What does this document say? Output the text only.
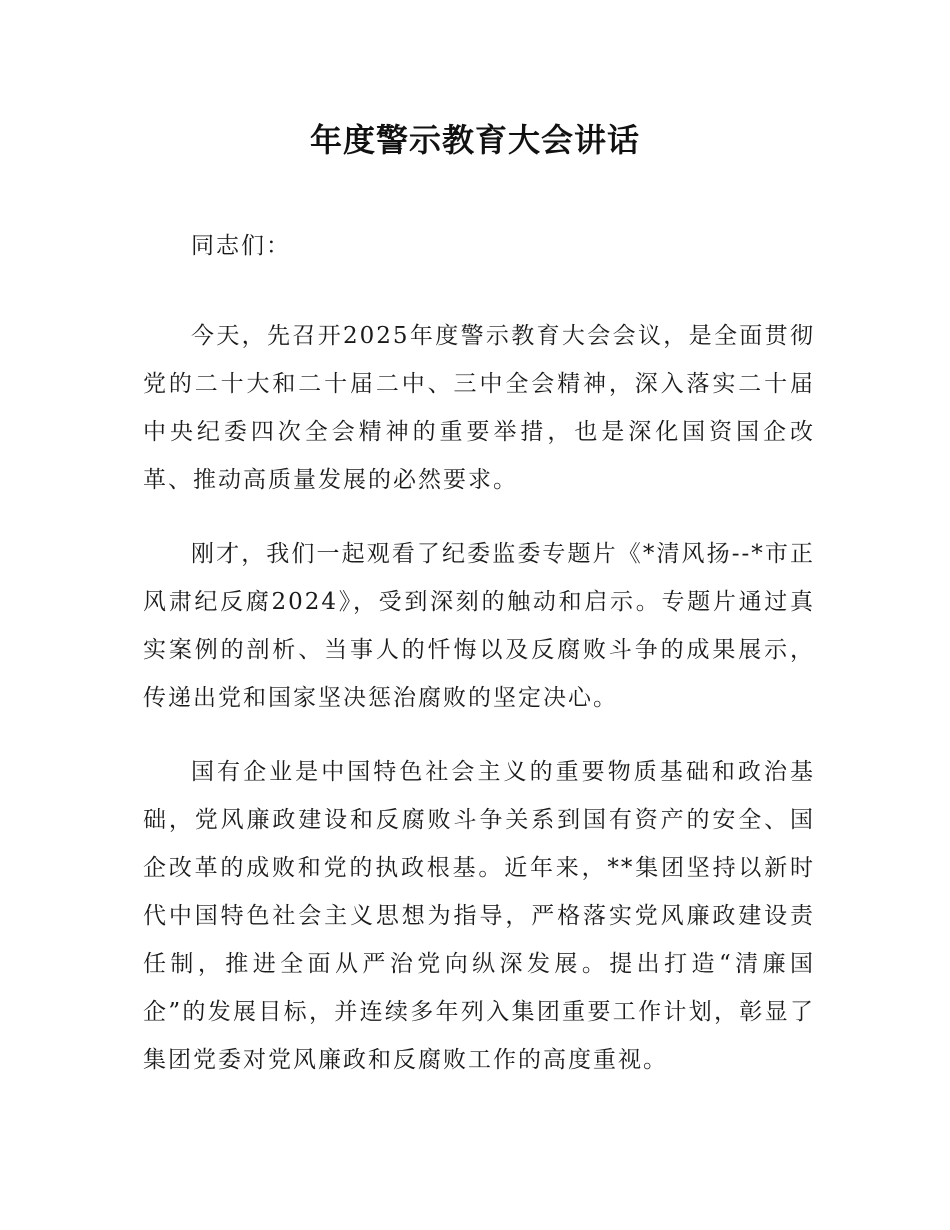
年度警示教育大会讲话
同志们：

今天，先召开2025年度警示教育大会会议，是全面贯彻党的二十大和二十届二中、三中全会精神，深入落实二十届中央纪委四次全会精神的重要举措，也是深化国资国企改革、推动高质量发展的必然要求。

刚才，我们一起观看了纪委监委专题片《*清风扬--*市正风肃纪反腐2024》，受到深刻的触动和启示。专题片通过真实案例的剖析、当事人的忏悔以及反腐败斗争的成果展示，传递出党和国家坚决惩治腐败的坚定决心。

国有企业是中国特色社会主义的重要物质基础和政治基础，党风廉政建设和反腐败斗争关系到国有资产的安全、国企改革的成败和党的执政根基。近年来，**集团坚持以新时代中国特色社会主义思想为指导，严格落实党风廉政建设责任制，推进全面从严治党向纵深发展。提出打造“清廉国企”的发展目标，并连续多年列入集团重要工作计划，彰显了集团党委对党风廉政和反腐败工作的高度重视。
